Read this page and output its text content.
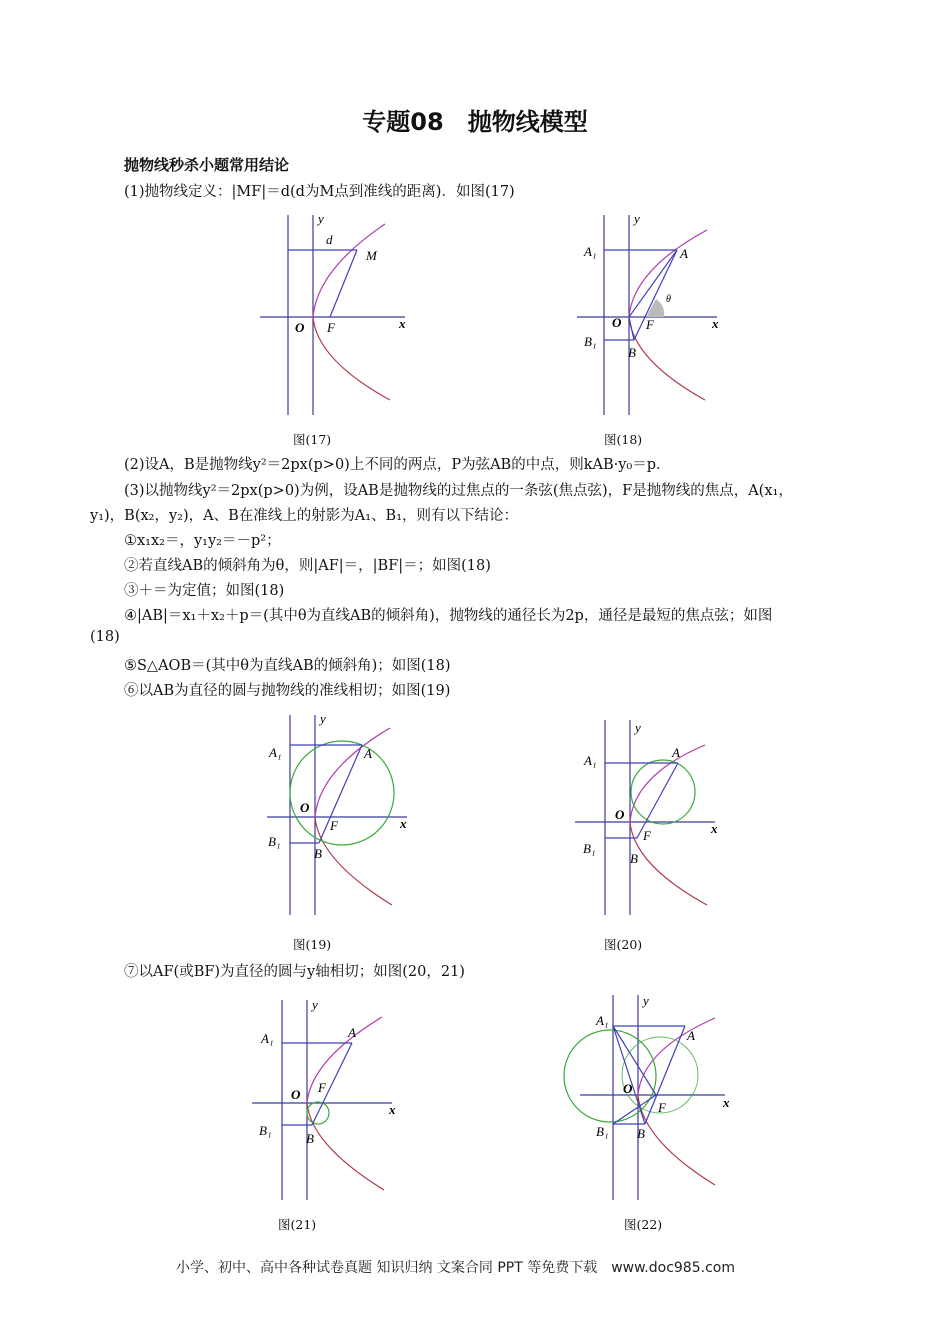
专题08　抛物线模型
抛物线秒杀小题常用结论
(1)抛物线定义：|MF|＝d(d为M点到准线的距离)．如图(17)
y
x
O F
M
d
y
x
O F
A
B
A₁
B₁
θ
图(17)	图(18)
(2)设A，B是抛物线y²＝2px(p>0)上不同的两点，P为弦AB的中点，则kAB·y₀＝p．
(3)以抛物线y²＝2px(p>0)为例，设AB是抛物线的过焦点的一条弦(焦点弦)，F是抛物线的焦点，A(x₁，
y₁)，B(x₂，y₂)，A、B在准线上的射影为A₁、B₁，则有以下结论：
①x₁x₂＝，y₁y₂＝－p²；
②若直线AB的倾斜角为θ，则|AF|＝，|BF|＝；如图(18)
③＋＝为定值；如图(18)
④|AB|＝x₁＋x₂＋p＝(其中θ为直线AB的倾斜角)，抛物线的通径长为2p，通径是最短的焦点弦；如图
(18)
⑤S△AOB＝(其中θ为直线AB的倾斜角)；如图(18)
⑥以AB为直径的圆与抛物线的准线相切；如图(19)
y
x
O
F
A
B
A₁
B₁
y
x
O
F
A
B
A₁
B₁
图(19)	图(20)
⑦以AF(或BF)为直径的圆与y轴相切；如图(20，21)
y
x
O F
A
B
A₁
B₁
y
x
O
F
A
B
A₁
B₁
图(21)	图(22)
小学、初中、高中各种试卷真题 知识归纳 文案合同 PPT 等免费下载　www.doc985.com
